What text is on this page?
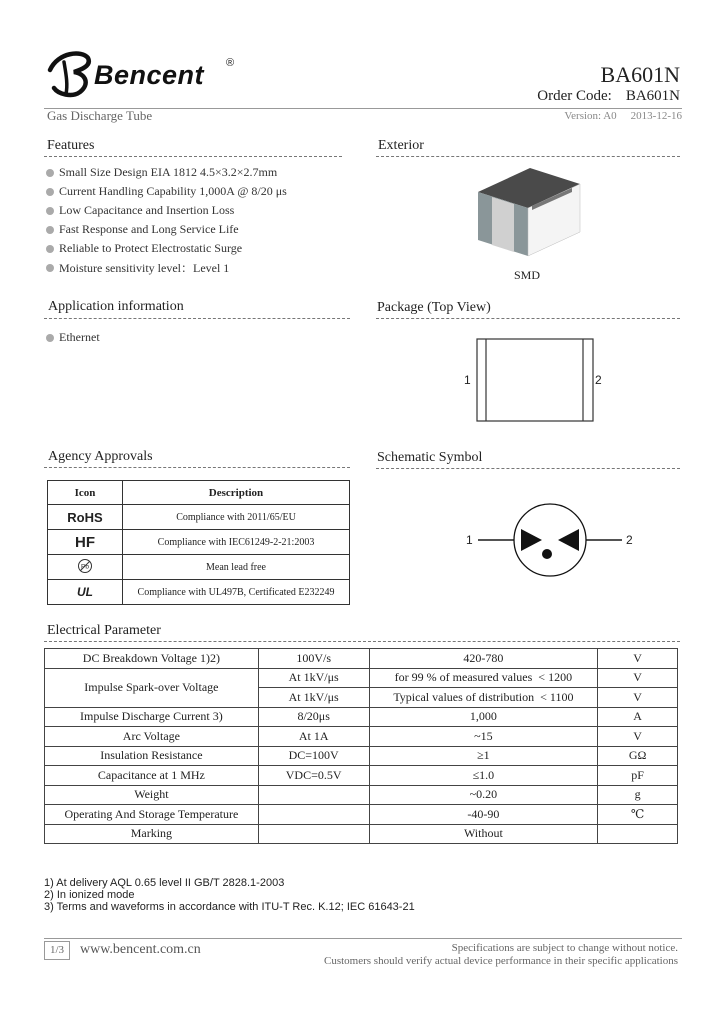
Bencent ®	BA601N
Order Code: BA601N
Gas Discharge Tube	Version: A0 2013-12-16
Features
Small Size Design EIA 1812 4.5×3.2×2.7mm
Current Handling Capability 1,000A @ 8/20 μs
Low Capacitance and Insertion Loss
Fast Response and Long Service Life
Reliable to Protect Electrostatic Surge
Moisture sensitivity level：Level 1
Exterior
SMD
Application information
Ethernet
Package (Top View)
1	2
Agency Approvals
Icon	Description
RoHS	Compliance with 2011/65/EU
HF	Compliance with IEC61249-2-21:2003

Pb	Mean lead free
UL	Compliance with UL497B, Certificated E232249
Schematic Symbol
1	2
Electrical Parameter
DC Breakdown Voltage 1)2)	100V/s	420-780	V
Impulse Spark-over Voltage	At 1kV/μs	for 99 % of measured values < 1200	V
	At 1kV/μs	Typical values of distribution < 1100	V
Impulse Discharge Current 3)	8/20μs	1,000	A
Arc Voltage	At 1A	~15	V
Insulation Resistance	DC=100V	≥1	GΩ
Capacitance at 1 MHz	VDC=0.5V	≤1.0	pF
Weight		~0.20	g
Operating And Storage Temperature		-40-90	℃
Marking		Without	
1) At delivery AQL 0.65 level II GB/T 2828.1-2003
2) In ionized mode
3) Terms and waveforms in accordance with ITU-T Rec. K.12; IEC 61643-21
1/3	www.bencent.com.cn	Specifications are subject to change without notice.
Customers should verify actual device performance in their specific applications
